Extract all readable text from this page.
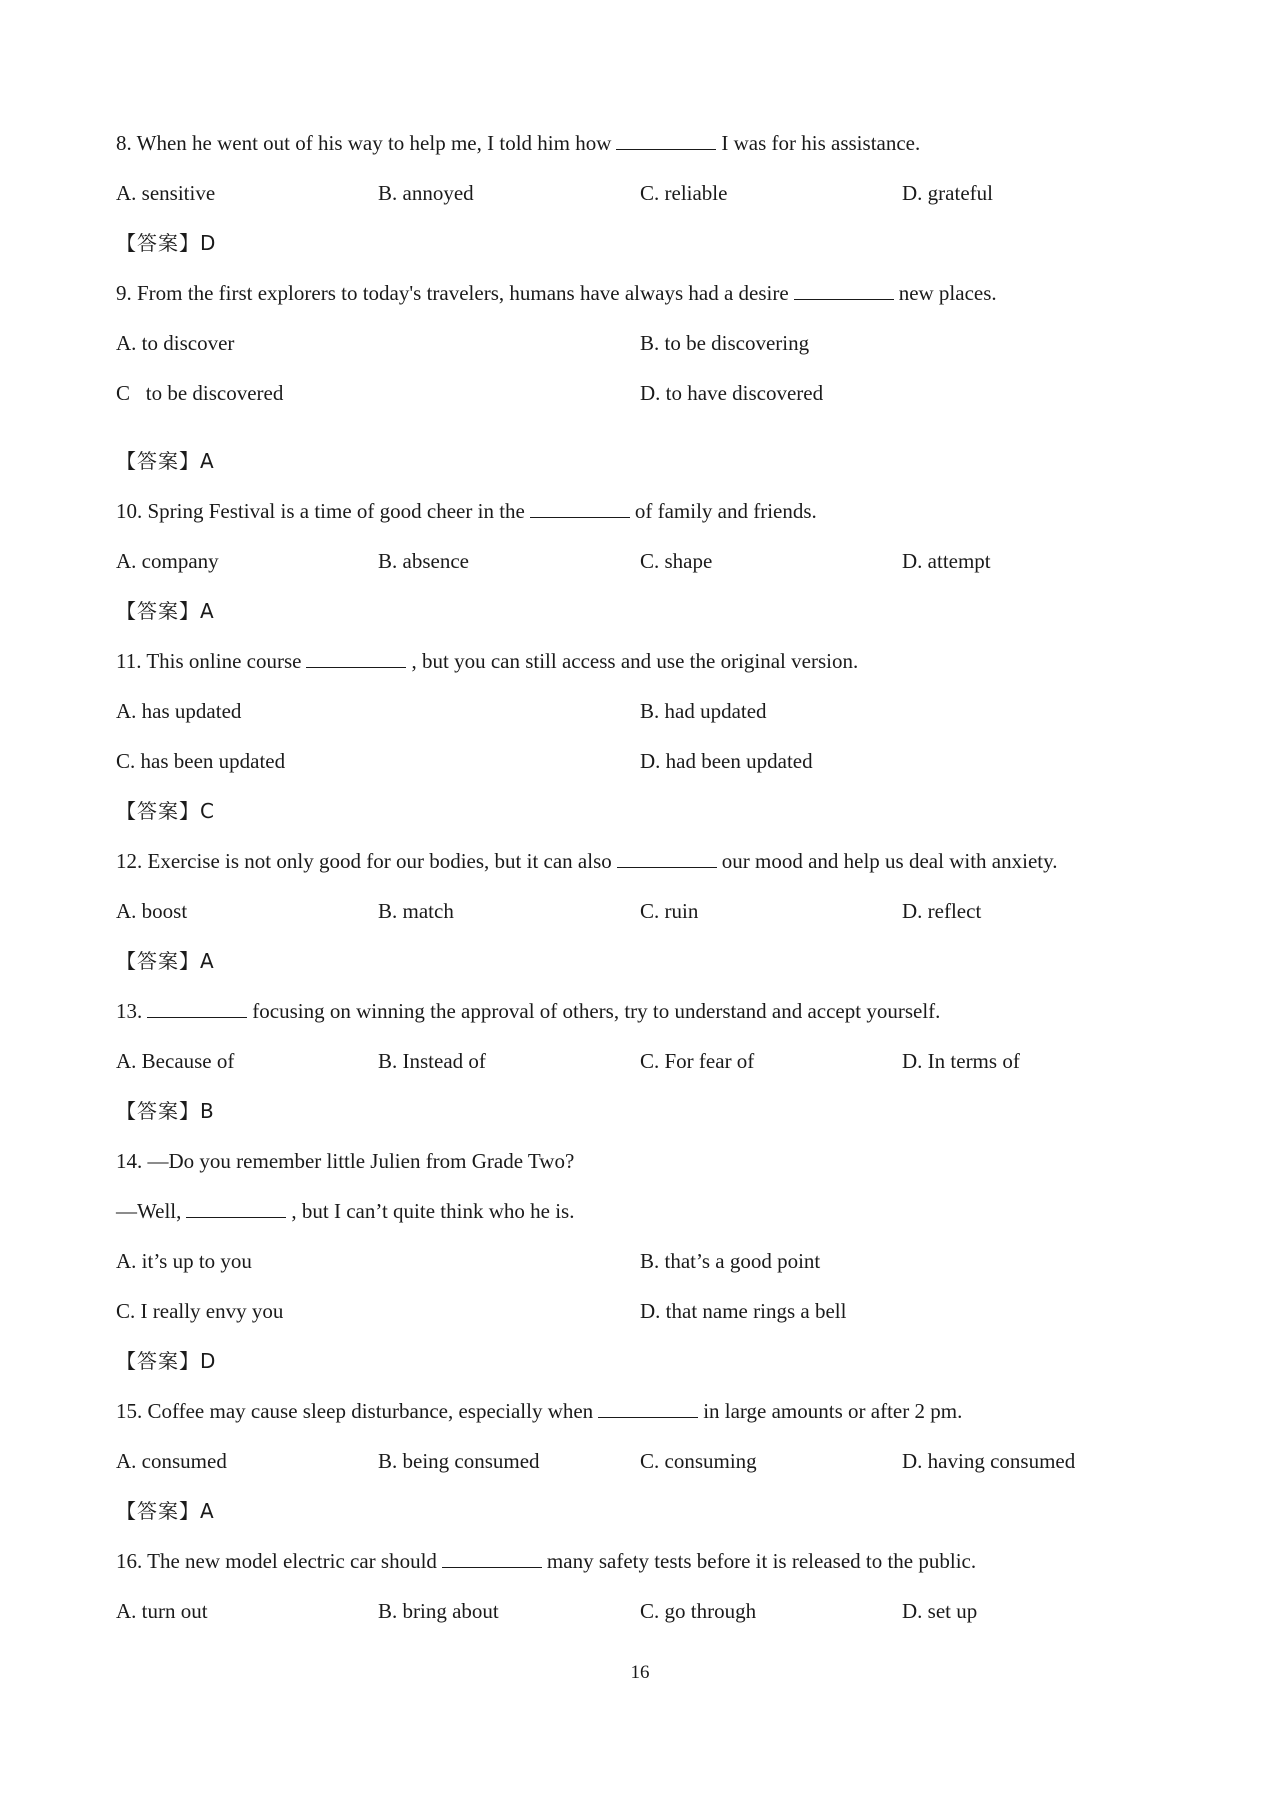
8. When he went out of his way to help me, I told him how	I was for his assistance.
A. sensitive	B. annoyed	C. reliable	D. grateful
【答案】D
9. From the first explorers to today's travelers, humans have always had a desire	new places.
A. to discover	B. to be discovering
C   to be discovered	D. to have discovered
【答案】A
10. Spring Festival is a time of good cheer in the	of family and friends.
A. company	B. absence	C. shape	D. attempt
【答案】A
11. This online course	, but you can still access and use the original version.
A. has updated	B. had updated
C. has been updated	D. had been updated
【答案】C
12. Exercise is not only good for our bodies, but it can also	our mood and help us deal with anxiety.
A. boost	B. match	C. ruin	D. reflect
【答案】A
13.	focusing on winning the approval of others, try to understand and accept yourself.
A. Because of	B. Instead of	C. For fear of	D. In terms of
【答案】B
14. —Do you remember little Julien from Grade Two?
—Well,	, but I can’t quite think who he is.
A. it’s up to you	B. that’s a good point
C. I really envy you	D. that name rings a bell
【答案】D
15. Coffee may cause sleep disturbance, especially when	in large amounts or after 2 pm.
A. consumed	B. being consumed	C. consuming	D. having consumed
【答案】A
16. The new model electric car should	many safety tests before it is released to the public.
A. turn out	B. bring about	C. go through	D. set up
16
